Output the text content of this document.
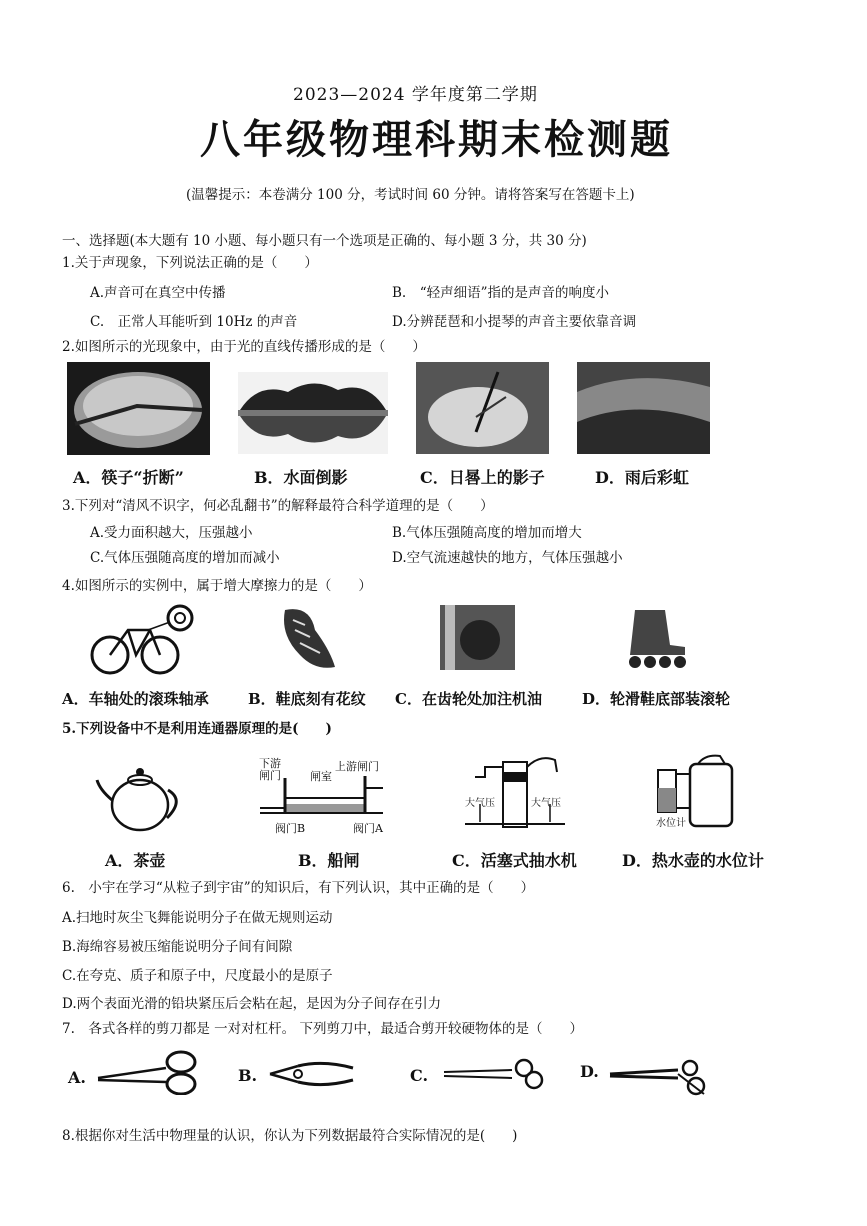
2023—2024 学年度第二学期
八年级物理科期末检测题
(温馨提示：本卷满分 100 分，考试时间 60 分钟。请将答案写在答题卡上)
一、选择题(本大题有 10 小题、每小题只有一个选项是正确的、每小题 3 分，共 30 分)
1.关于声现象，下列说法正确的是（　　）
A.声音可在真空中传播	B.　“轻声细语”指的是声音的响度小
C.　正常人耳能听到 10Hz 的声音	D.分辨琵琶和小提琴的声音主要依靠音调
2.如图所示的光现象中，由于光的直线传播形成的是（　　）
A．筷子“折断”	B．水面倒影	C．日晷上的影子	D．雨后彩虹
3.下列对“清风不识字，何必乱翻书”的解释最符合科学道理的是（　　）
A.受力面积越大，压强越小	B.气体压强随高度的增加而增大
C.气体压强随高度的增加而减小	D.空气流速越快的地方，气体压强越小
4.如图所示的实例中，属于增大摩擦力的是（　　）
A．车轴处的滚珠轴承	B．鞋底刻有花纹 C．在齿轮处加注机油	D．轮滑鞋底部装滚轮
5.下列设备中不是利用连通器原理的是(　　)
下游
闸门	闸室
上游闸门
阀门B	阀门A
大气压	大气压
水位计
A．茶壶	B．船闸	C．活塞式抽水机	D．热水壶的水位计
6.　小宇在学习“从粒子到宇宙”的知识后，有下列认识，其中正确的是（　　）
A.扫地时灰尘飞舞能说明分子在做无规则运动
B.海绵容易被压缩能说明分子间有间隙
C.在夸克、质子和原子中，尺度最小的是原子
D.两个表面光滑的铅块紧压后会粘在起，是因为分子间存在引力
7.　各式各样的剪刀都是 一对对杠杆。 下列剪刀中，最适合剪开较硬物体的是（　　）
A.	B.	C.	D.
8.根据你对生活中物理量的认识，你认为下列数据最符合实际情况的是(　　)
